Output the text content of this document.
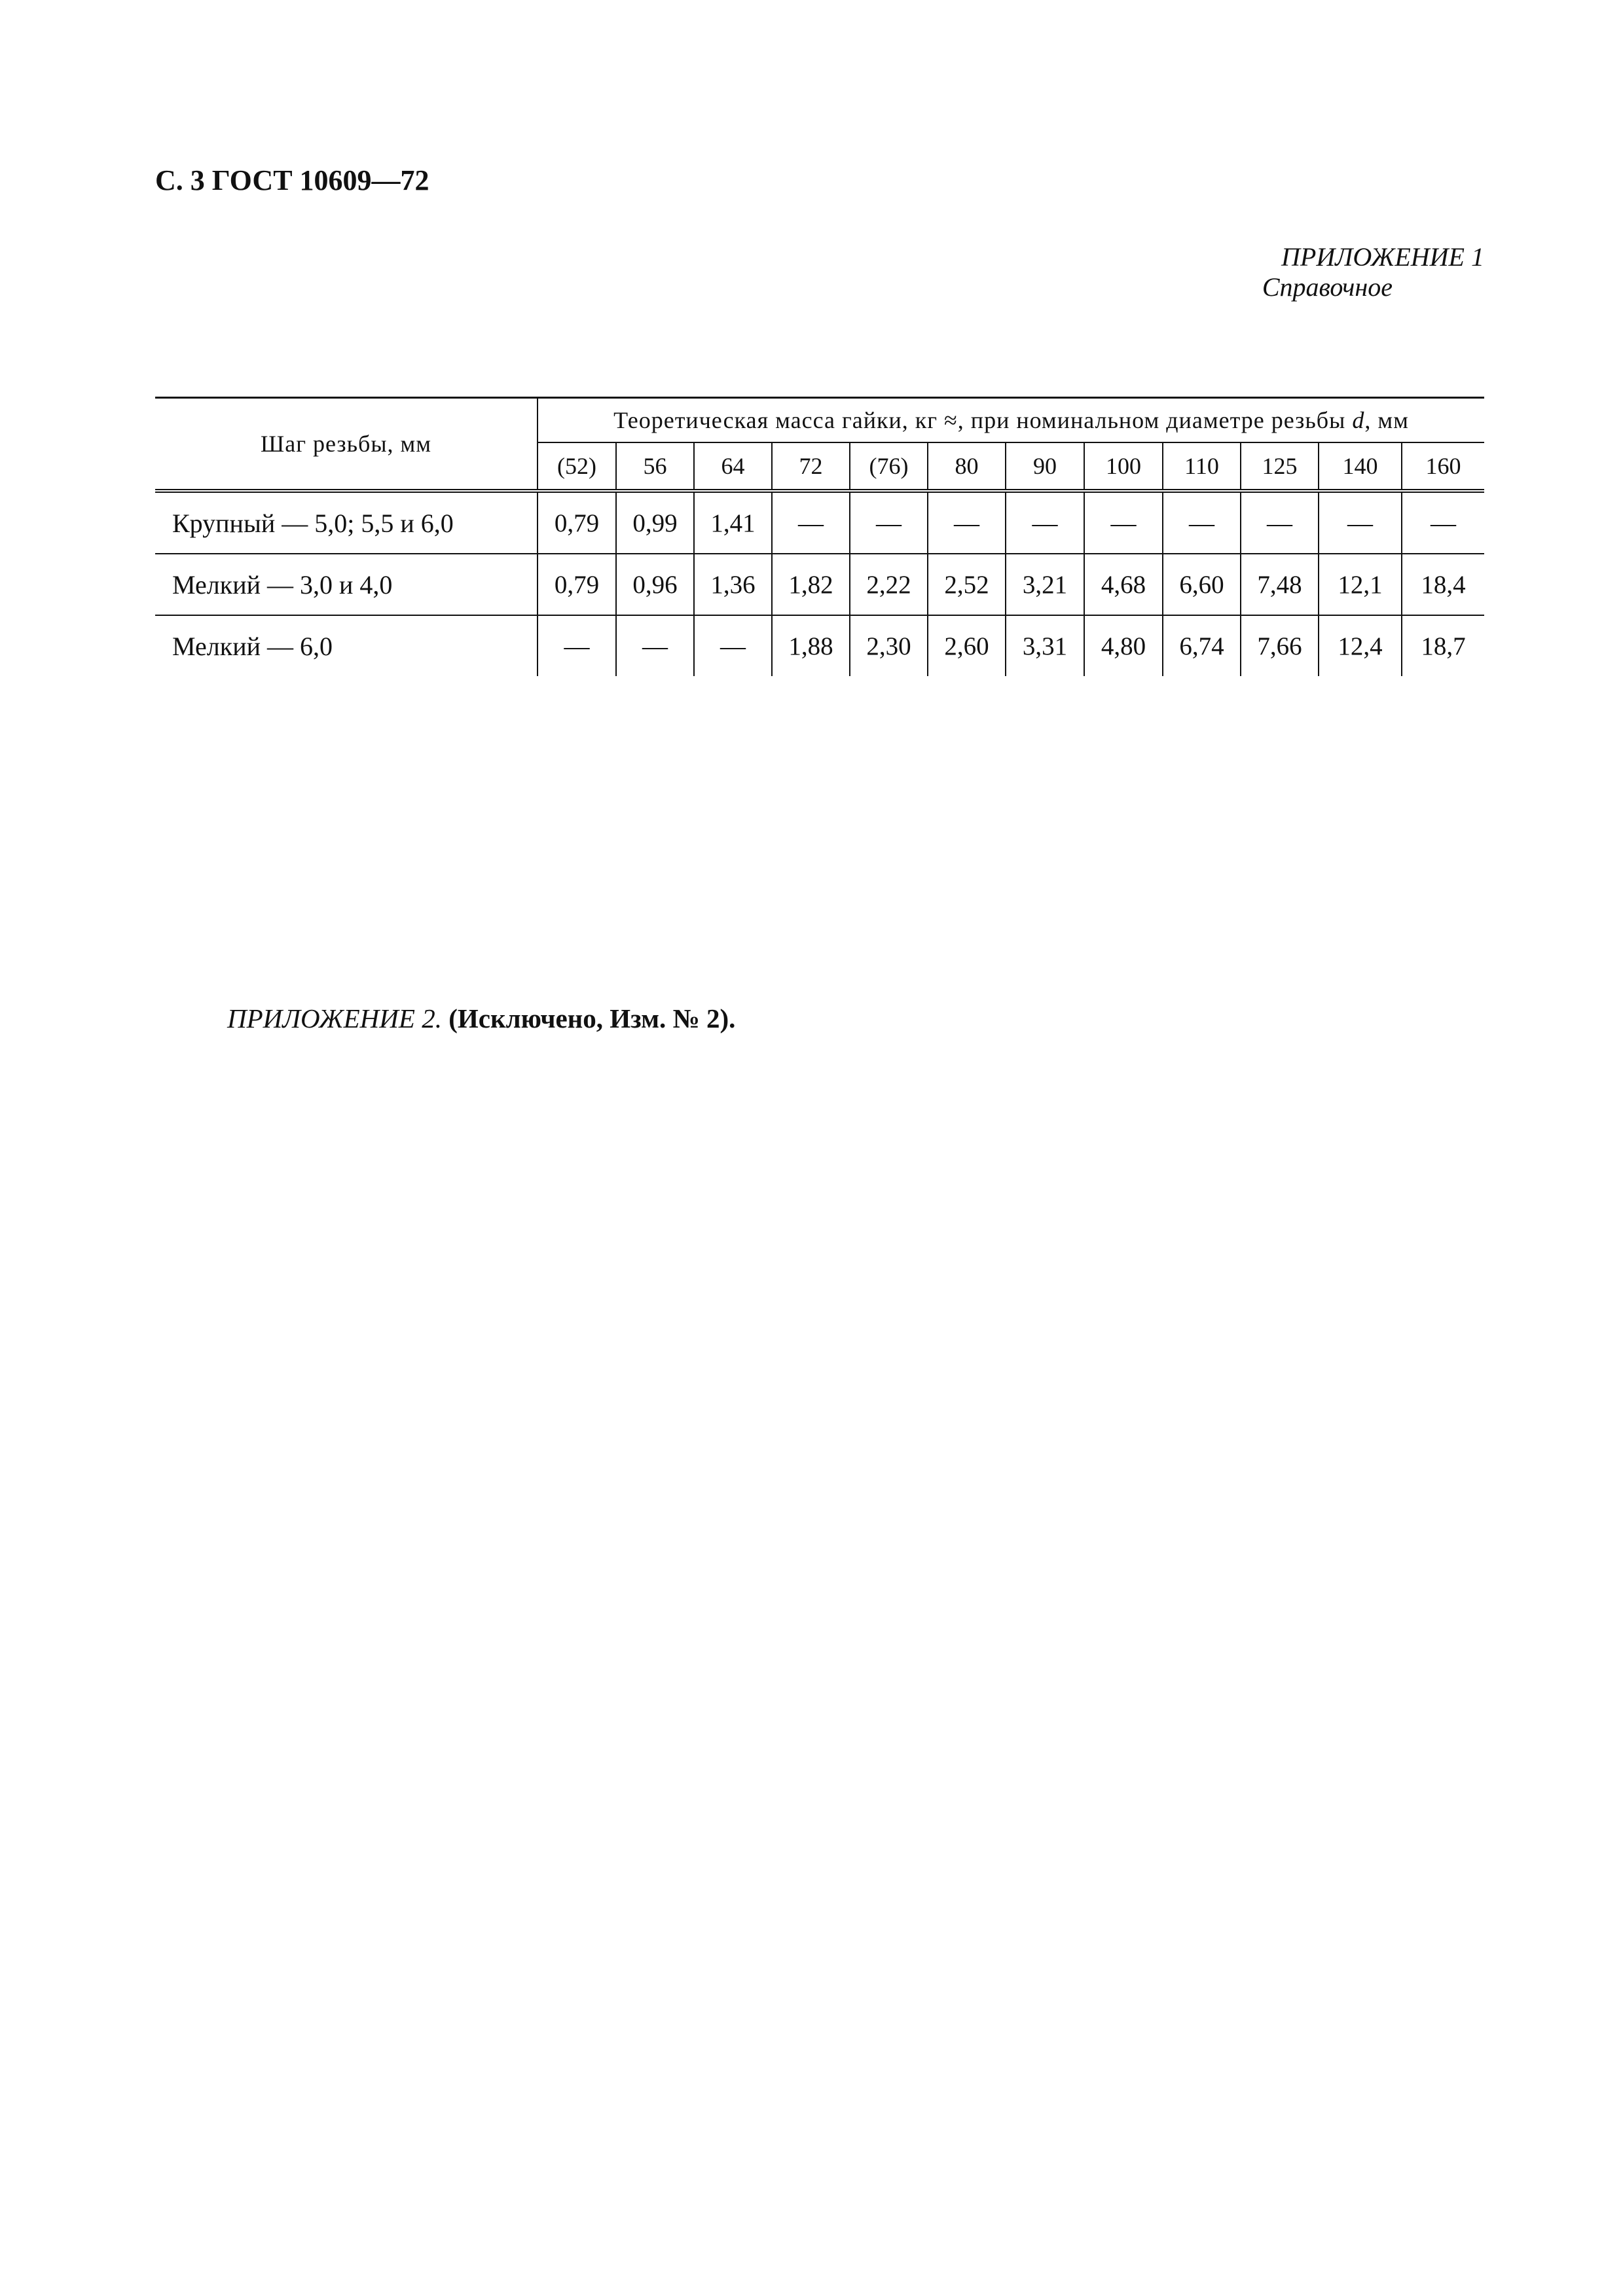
С. 3 ГОСТ 10609—72
ПРИЛОЖЕНИЕ 1

Справочное
Шаг резьбы, мм	Теоретическая масса гайки, кг ≈, при номинальном диаметре резьбы d, мм											
	(52)	56	64	72	(76)	80	90	100	110	125	140	160
Крупный — 5,0; 5,5 и 6,0	0,79	0,99	1,41	—	—	—	—	—	—	—	—	—
Мелкий — 3,0 и 4,0	0,79	0,96	1,36	1,82	2,22	2,52	3,21	4,68	6,60	7,48	12,1	18,4
Мелкий — 6,0	—	—	—	1,88	2,30	2,60	3,31	4,80	6,74	7,66	12,4	18,7
ПРИЛОЖЕНИЕ 2. (Исключено, Изм. № 2).
